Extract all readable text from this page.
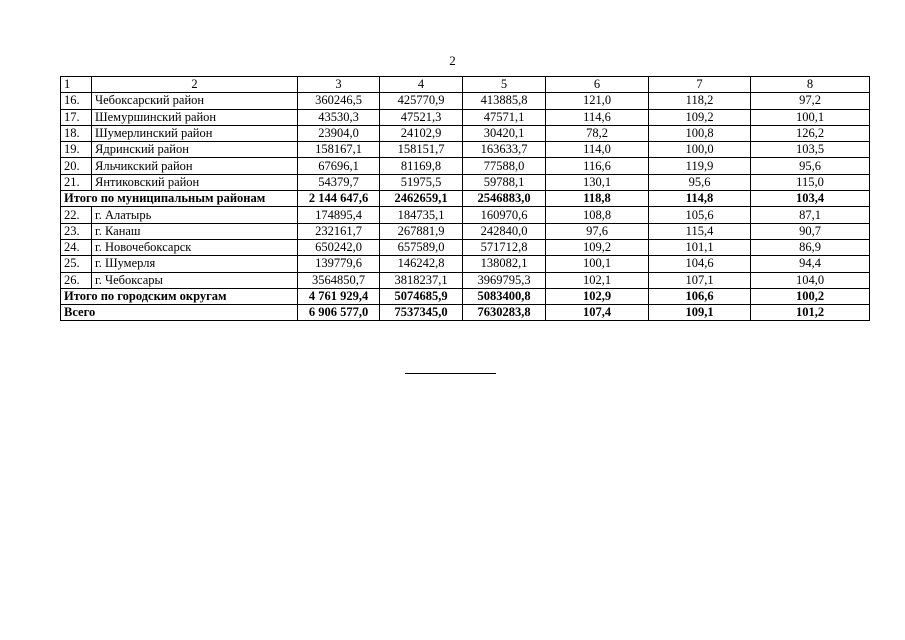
2
1	2	3	4	5	6	7	8
16.	Чебоксарский район	360246,5	425770,9	413885,8	121,0	118,2	97,2
17.	Шемуршинский район	43530,3	47521,3	47571,1	114,6	109,2	100,1
18.	Шумерлинский район	23904,0	24102,9	30420,1	78,2	100,8	126,2
19.	Ядринский район	158167,1	158151,7	163633,7	114,0	100,0	103,5
20.	Яльчикский район	67696,1	81169,8	77588,0	116,6	119,9	95,6
21.	Янтиковский район	54379,7	51975,5	59788,1	130,1	95,6	115,0
Итого по муниципальным районам		2 144 647,6	2462659,1	2546883,0	118,8	114,8	103,4
22.	г. Алатырь	174895,4	184735,1	160970,6	108,8	105,6	87,1
23.	г. Канаш	232161,7	267881,9	242840,0	97,6	115,4	90,7
24.	г. Новочебоксарск	650242,0	657589,0	571712,8	109,2	101,1	86,9
25.	г. Шумерля	139779,6	146242,8	138082,1	100,1	104,6	94,4
26.	г. Чебоксары	3564850,7	3818237,1	3969795,3	102,1	107,1	104,0
Итого по городским округам		4 761 929,4	5074685,9	5083400,8	102,9	106,6	100,2
Всего		6 906 577,0	7537345,0	7630283,8	107,4	109,1	101,2
